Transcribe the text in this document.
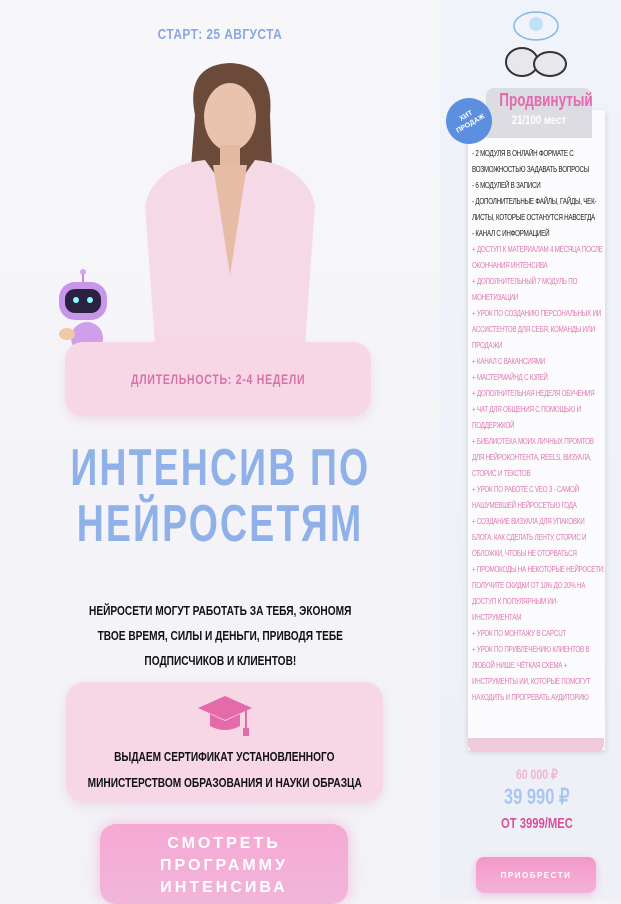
СТАРТ: 25 АВГУСТА
ДЛИТЕЛЬНОСТЬ: 2-4 НЕДЕЛИ
ИНТЕНСИВ ПО
НЕЙРОСЕТЯМ
НЕЙРОСЕТИ МОГУТ РАБОТАТЬ ЗА ТЕБЯ, ЭКОНОМЯ
ТВОЕ ВРЕМЯ, СИЛЫ И ДЕНЬГИ, ПРИВОДЯ ТЕБЕ
ПОДПИСЧИКОВ И КЛИЕНТОВ!
ВЫДАЕМ СЕРТИФИКАТ УСТАНОВЛЕННОГО
МИНИСТЕРСТВОМ ОБРАЗОВАНИЯ И НАУКИ ОБРАЗЦА
СМОТРЕТЬ ПРОГРАММУ ИНТЕНСИВА
Продвинутый
21/100 мест
ХИТ ПРОДАЖ
- 2 МОДУЛЯ В ОНЛАЙН ФОРМАТЕ С ВОЗМОЖНОСТЬЮ ЗАДАВАТЬ ВОПРОСЫ
- 6 МОДУЛЕЙ В ЗАПИСИ
- ДОПОЛНИТЕЛЬНЫЕ ФАЙЛЫ, ГАЙДЫ, ЧЕК-ЛИСТЫ, КОТОРЫЕ ОСТАНУТСЯ НАВСЕГДА
- КАНАЛ С ИНФОРМАЦИЕЙ
+ ДОСТУП К МАТЕРИАЛАМ 4 МЕСЯЦА ПОСЛЕ ОКОНЧАНИЯ ИНТЕНСИВА
+ ДОПОЛНИТЕЛЬНЫЙ 7 МОДУЛЬ ПО МОНЕТИЗАЦИИ
+ УРОК ПО СОЗДАНИЮ ПЕРСОНАЛЬНЫХ ИИ АССИСТЕНТОВ ДЛЯ СЕБЯ, КОМАНДЫ ИЛИ ПРОДАЖИ
+ КАНАЛ С ВАКАНСИЯМИ
+ МАСТЕРМАЙНД С ЮЛЕЙ
+ ДОПОЛНИТЕЛЬНАЯ НЕДЕЛЯ ОБУЧЕНИЯ
+ ЧАТ ДЛЯ ОБЩЕНИЯ С ПОМОЩЬЮ И ПОДДЕРЖКОЙ
+ БИБЛИОТЕКА МОИХ ЛИЧНЫХ ПРОМТОВ ДЛЯ НЕЙРОКОНТЕНТА, REELS, ВИЗУАЛА, СТОРИС И ТЕКСТОВ
+ УРОК ПО РАБОТЕ С VEO 3 - САМОЙ НАШУМЕВШЕЙ НЕЙРОСЕТЬЮ ГОДА
+ СОЗДАНИЕ ВИЗУАЛА ДЛЯ УПАКОВКИ БЛОГА: КАК СДЕЛАТЬ ЛЕНТУ, СТОРИС И ОБЛОЖКИ, ЧТОБЫ НЕ ОТОРВАТЬСЯ
+ ПРОМОКОДЫ НА НЕКОТОРЫЕ НЕЙРОСЕТИ: ПОЛУЧИТЕ СКИДКИ ОТ 10% ДО 20% НА ДОСТУП К ПОПУЛЯРНЫМ ИИ-ИНСТРУМЕНТАМ
+ УРОК ПО МОНТАЖУ В CAPCUT
+ УРОК ПО ПРИВЛЕЧЕНИЮ КЛИЕНТОВ В ЛЮБОЙ НИШЕ: ЧЁТКАЯ СХЕМА + ИНСТРУМЕНТЫ ИИ, КОТОРЫЕ ПОМОГУТ НАХОДИТЬ И ПРОГРЕВАТЬ АУДИТОРИЮ
60 000 ₽
39 990 ₽
ОТ 3999/МЕС
ПРИОБРЕСТИ
